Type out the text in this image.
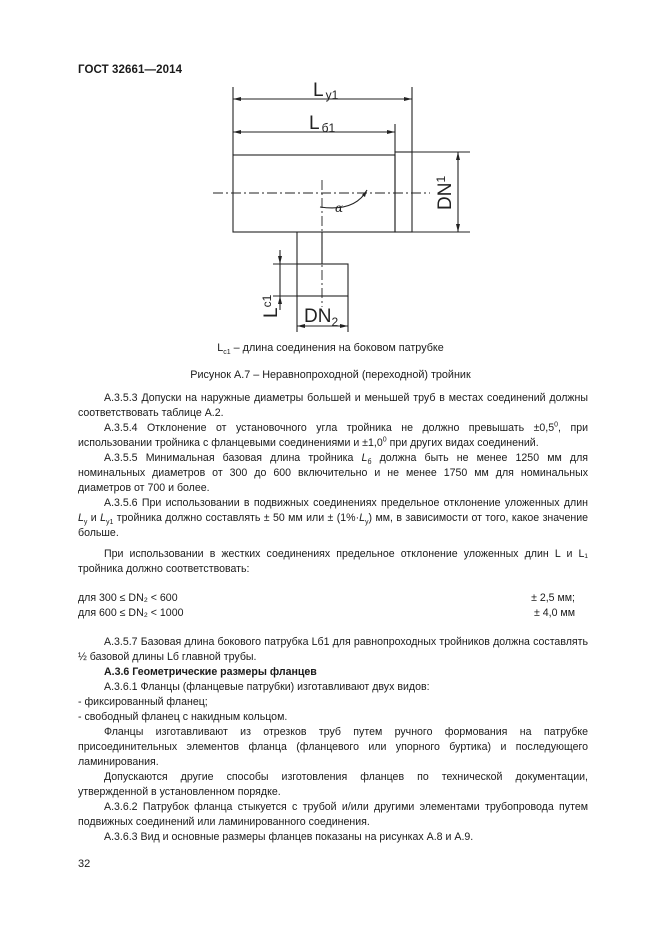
ГОСТ 32661—2014
Lу1
Lб1
$DN^1$
$DN_2$
$L^{c1}$
α
$L_{с1}$ – длина соединения на боковом патрубке
Рисунок А.7 – Неравнопроходной (переходной) тройник
А.3.5.3 Допуски на наружные диаметры большей и меньшей труб в местах соединений должны соответствовать таблице А.2.
А.3.5.4 Отклонение от установочного угла тройника не должно превышать $\pm 0,5^0$, при использовании тройника с фланцевыми соединениями $и \pm 1,0^0$ при других видах соединений.
А.3.5.5 Минимальная базовая длина тройника $L_б$ должна быть не менее 1250 мм для номинальных диаметров от 300 до 600 включительно и не менее 1750 мм для номинальных диаметров от 700 и более.
А.3.5.6 При использовании в подвижных соединениях предельное отклонение уложенных длин $L_у$ и $L_{у1}$ тройника должно составлять ± 50 мм или ± $(1\%\cdot L_у)$ мм, в зависимости от того, какое значение больше.
При использовании в жестких соединениях предельное отклонение уложенных длин L и L₁ тройника должно соответствовать:
для 300 ≤ DN₂ < 600	± 2,5 мм;
для 600 ≤ DN₂ < 1000	± 4,0 мм
А.3.5.7 Базовая длина бокового патрубка Lб1 для равнопроходных тройников должна составлять ½ базовой длины Lб главной трубы.
А.3.6 Геометрические размеры фланцев
А.3.6.1 Фланцы (фланцевые патрубки) изготавливают двух видов:
- фиксированный фланец;
- свободный фланец с накидным кольцом.
Фланцы изготавливают из отрезков труб путем ручного формования на патрубке присоединительных элементов фланца (фланцевого или упорного буртика) и последующего ламинирования.
Допускаются другие способы изготовления фланцев по технической документации, утвержденной в установленном порядке.
А.3.6.2 Патрубок фланца стыкуется с трубой и/или другими элементами трубопровода путем подвижных соединений или ламинированного соединения.
А.3.6.3 Вид и основные размеры фланцев показаны на рисунках А.8 и А.9.
32
